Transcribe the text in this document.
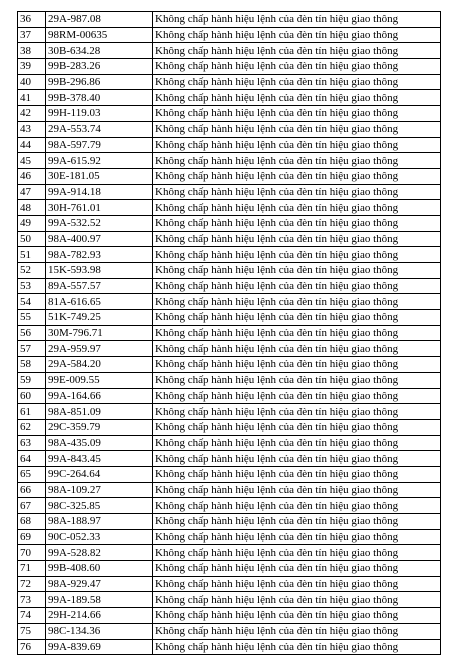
36	29A-987.08	Không chấp hành hiệu lệnh của đèn tín hiệu giao thông
37	98RM-00635	Không chấp hành hiệu lệnh của đèn tín hiệu giao thông
38	30B-634.28	Không chấp hành hiệu lệnh của đèn tín hiệu giao thông
39	99B-283.26	Không chấp hành hiệu lệnh của đèn tín hiệu giao thông
40	99B-296.86	Không chấp hành hiệu lệnh của đèn tín hiệu giao thông
41	99B-378.40	Không chấp hành hiệu lệnh của đèn tín hiệu giao thông
42	99H-119.03	Không chấp hành hiệu lệnh của đèn tín hiệu giao thông
43	29A-553.74	Không chấp hành hiệu lệnh của đèn tín hiệu giao thông
44	98A-597.79	Không chấp hành hiệu lệnh của đèn tín hiệu giao thông
45	99A-615.92	Không chấp hành hiệu lệnh của đèn tín hiệu giao thông
46	30E-181.05	Không chấp hành hiệu lệnh của đèn tín hiệu giao thông
47	99A-914.18	Không chấp hành hiệu lệnh của đèn tín hiệu giao thông
48	30H-761.01	Không chấp hành hiệu lệnh của đèn tín hiệu giao thông
49	99A-532.52	Không chấp hành hiệu lệnh của đèn tín hiệu giao thông
50	98A-400.97	Không chấp hành hiệu lệnh của đèn tín hiệu giao thông
51	98A-782.93	Không chấp hành hiệu lệnh của đèn tín hiệu giao thông
52	15K-593.98	Không chấp hành hiệu lệnh của đèn tín hiệu giao thông
53	89A-557.57	Không chấp hành hiệu lệnh của đèn tín hiệu giao thông
54	81A-616.65	Không chấp hành hiệu lệnh của đèn tín hiệu giao thông
55	51K-749.25	Không chấp hành hiệu lệnh của đèn tín hiệu giao thông
56	30M-796.71	Không chấp hành hiệu lệnh của đèn tín hiệu giao thông
57	29A-959.97	Không chấp hành hiệu lệnh của đèn tín hiệu giao thông
58	29A-584.20	Không chấp hành hiệu lệnh của đèn tín hiệu giao thông
59	99E-009.55	Không chấp hành hiệu lệnh của đèn tín hiệu giao thông
60	99A-164.66	Không chấp hành hiệu lệnh của đèn tín hiệu giao thông
61	98A-851.09	Không chấp hành hiệu lệnh của đèn tín hiệu giao thông
62	29C-359.79	Không chấp hành hiệu lệnh của đèn tín hiệu giao thông
63	98A-435.09	Không chấp hành hiệu lệnh của đèn tín hiệu giao thông
64	99A-843.45	Không chấp hành hiệu lệnh của đèn tín hiệu giao thông
65	99C-264.64	Không chấp hành hiệu lệnh của đèn tín hiệu giao thông
66	98A-109.27	Không chấp hành hiệu lệnh của đèn tín hiệu giao thông
67	98C-325.85	Không chấp hành hiệu lệnh của đèn tín hiệu giao thông
68	98A-188.97	Không chấp hành hiệu lệnh của đèn tín hiệu giao thông
69	90C-052.33	Không chấp hành hiệu lệnh của đèn tín hiệu giao thông
70	99A-528.82	Không chấp hành hiệu lệnh của đèn tín hiệu giao thông
71	99B-408.60	Không chấp hành hiệu lệnh của đèn tín hiệu giao thông
72	98A-929.47	Không chấp hành hiệu lệnh của đèn tín hiệu giao thông
73	99A-189.58	Không chấp hành hiệu lệnh của đèn tín hiệu giao thông
74	29H-214.66	Không chấp hành hiệu lệnh của đèn tín hiệu giao thông
75	98C-134.36	Không chấp hành hiệu lệnh của đèn tín hiệu giao thông
76	99A-839.69	Không chấp hành hiệu lệnh của đèn tín hiệu giao thông
